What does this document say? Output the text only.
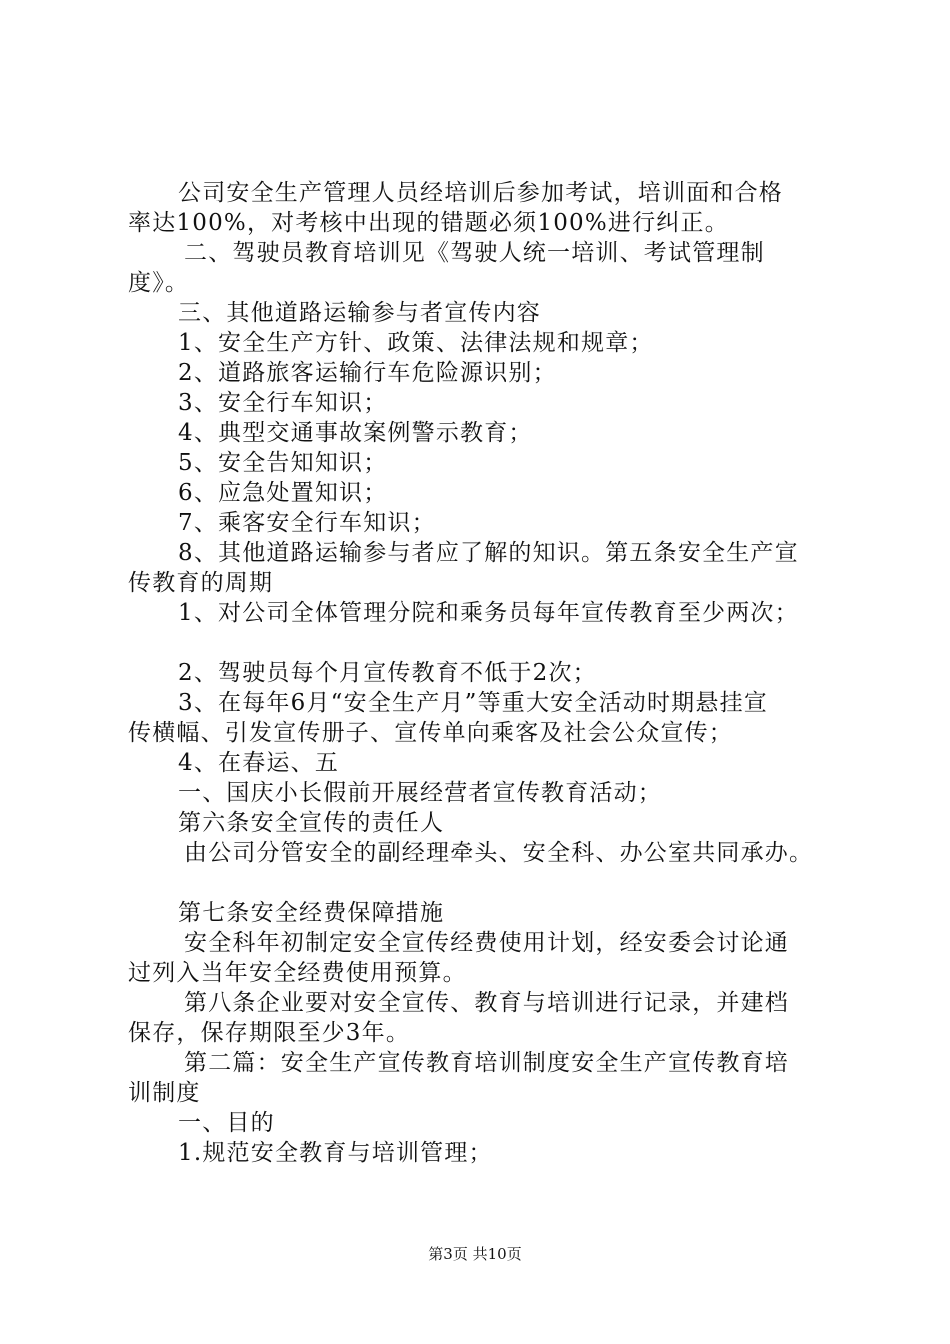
公司安全生产管理人员经培训后参加考试，培训面和合格
率达100%，对考核中出现的错题必须100%进行纠正。
二、驾驶员教育培训见《驾驶人统一培训、考试管理制
度》。
三、其他道路运输参与者宣传内容
1、安全生产方针、政策、法律法规和规章；
2、道路旅客运输行车危险源识别；
3、安全行车知识；
4、典型交通事故案例警示教育；
5、安全告知知识；
6、应急处置知识；
7、乘客安全行车知识；
8、其他道路运输参与者应了解的知识。第五条安全生产宣
传教育的周期
1、对公司全体管理分院和乘务员每年宣传教育至少两次；
2、驾驶员每个月宣传教育不低于2次；
3、在每年6月“安全生产月”等重大安全活动时期悬挂宣
传横幅、引发宣传册子、宣传单向乘客及社会公众宣传；
4、在春运、五
一、国庆小长假前开展经营者宣传教育活动；
第六条安全宣传的责任人
由公司分管安全的副经理牵头、安全科、办公室共同承办。
第七条安全经费保障措施
安全科年初制定安全宣传经费使用计划，经安委会讨论通
过列入当年安全经费使用预算。
第八条企业要对安全宣传、教育与培训进行记录，并建档
保存，保存期限至少3年。
第二篇：安全生产宣传教育培训制度安全生产宣传教育培
训制度
一、目的
1.规范安全教育与培训管理；
第3页 共10页
